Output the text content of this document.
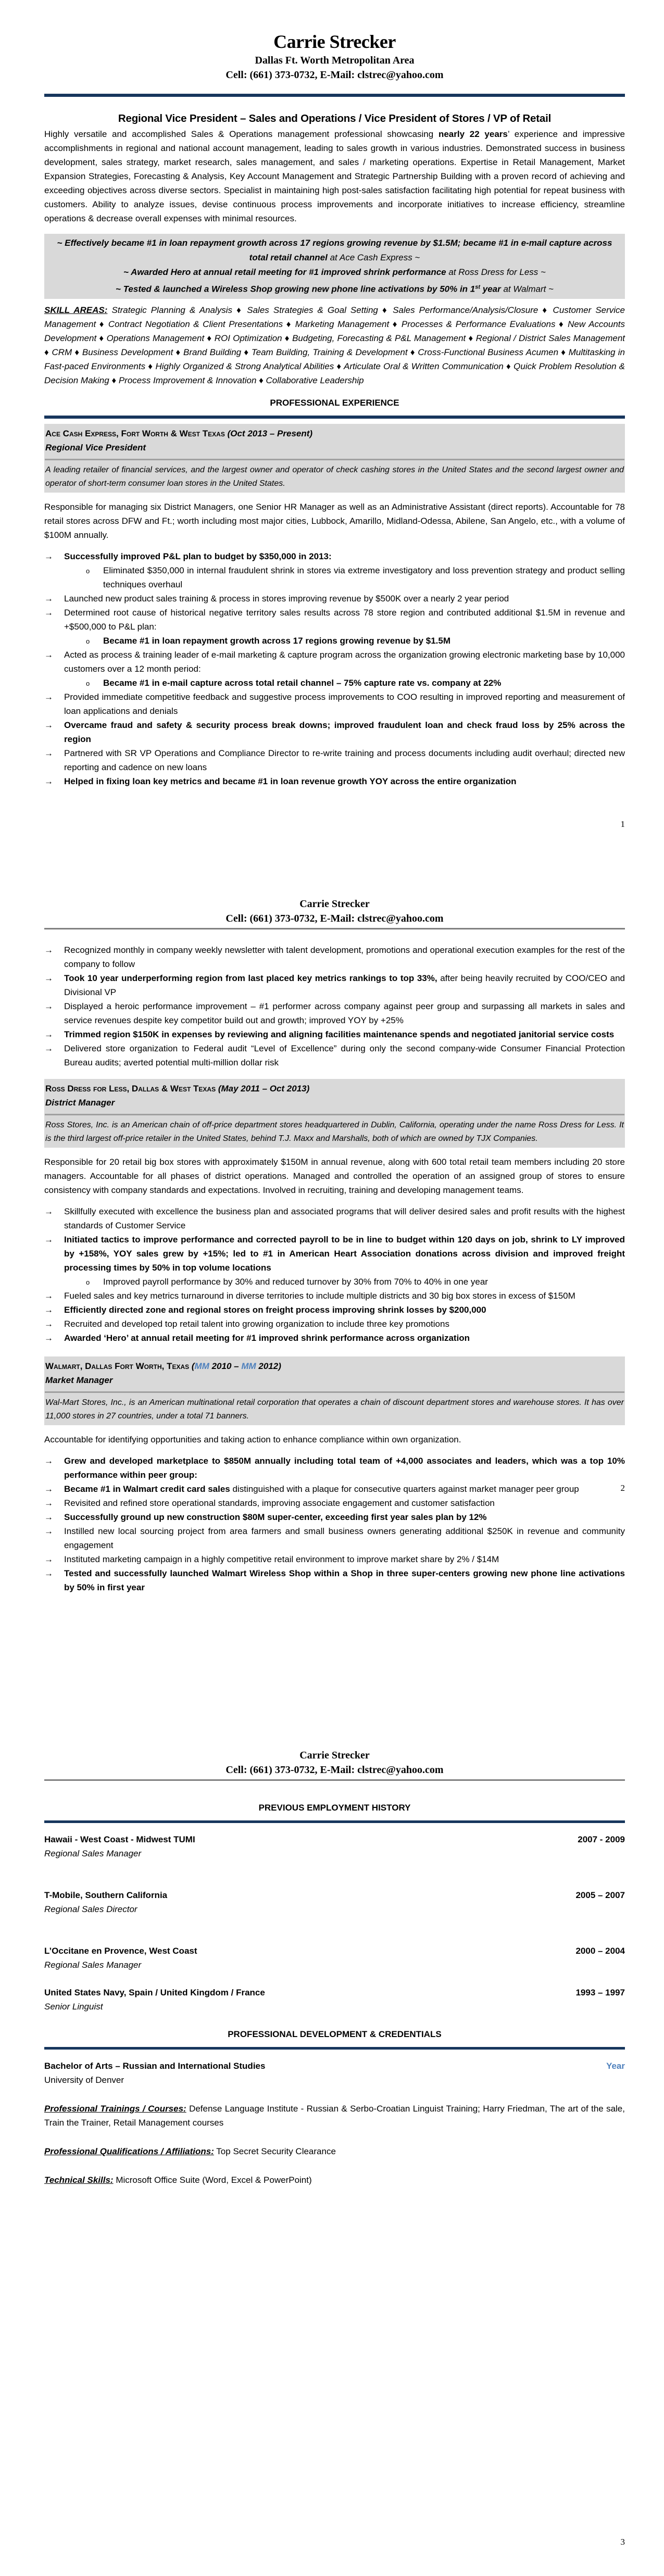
Carrie Strecker
Dallas Ft. Worth Metropolitan Area
Cell: (661) 373-0732, E-Mail: clstrec@yahoo.com
Regional Vice President – Sales and Operations / Vice President of Stores / VP of Retail

Highly versatile and accomplished Sales & Operations management professional showcasing nearly 22 years’ experience and impressive accomplishments in regional and national account management, leading to sales growth in various industries. Demonstrated success in business development, sales strategy, market research, sales management, and sales / marketing operations. Expertise in Retail Management, Market Expansion Strategies, Forecasting & Analysis, Key Account Management and Strategic Partnership Building with a proven record of achieving and exceeding objectives across diverse sectors. Specialist in maintaining high post-sales satisfaction facilitating high potential for repeat business with customers. Ability to analyze issues, devise continuous process improvements and incorporate initiatives to increase efficiency, streamline operations & decrease overall expenses with minimal resources.

~ Effectively became #1 in loan repayment growth across 17 regions growing revenue by $1.5M; became #1 in e-mail capture across total retail channel at Ace Cash Express ~
~ Awarded Hero at annual retail meeting for #1 improved shrink performance at Ross Dress for Less ~
~ Tested & launched a Wireless Shop growing new phone line activations by 50% in 1st year at Walmart ~
SKILL AREAS: Strategic Planning & Analysis ♦ Sales Strategies & Goal Setting ♦ Sales Performance/Analysis/Closure ♦ Customer Service Management ♦ Contract Negotiation & Client Presentations ♦ Marketing Management ♦ Processes & Performance Evaluations ♦ New Accounts Development ♦ Operations Management ♦ ROI Optimization ♦ Budgeting, Forecasting & P&L Management ♦ Regional / District Sales Management ♦ CRM ♦ Business Development ♦ Brand Building ♦ Team Building, Training & Development ♦ Cross-Functional Business Acumen ♦ Multitasking in Fast-paced Environments ♦ Highly Organized & Strong Analytical Abilities ♦ Articulate Oral & Written Communication ♦ Quick Problem Resolution & Decision Making ♦ Process Improvement & Innovation ♦ Collaborative Leadership
PROFESSIONAL EXPERIENCE
Ace Cash Express, Fort Worth & West Texas (Oct 2013 – Present)
Regional Vice President
A leading retailer of financial services, and the largest owner and operator of check cashing stores in the United States and the second largest owner and operator of short-term consumer loan stores in the United States.

Responsible for managing six District Managers, one Senior HR Manager as well as an Administrative Assistant (direct reports). Accountable for 78 retail stores across DFW and Ft.; worth including most major cities, Lubbock, Amarillo, Midland-Odessa, Abilene, San Angelo, etc., with a volume of $100M annually.

→ Successfully improved P&L plan to budget by $350,000 in 2013:
o Eliminated $350,000 in internal fraudulent shrink in stores via extreme investigatory and loss prevention strategy and product selling techniques overhaul
→ Launched new product sales training & process in stores improving revenue by $500K over a nearly 2 year period
→ Determined root cause of historical negative territory sales results across 78 store region and contributed additional $1.5M in revenue and +$500,000 to P&L plan:
o Became #1 in loan repayment growth across 17 regions growing revenue by $1.5M
→ Acted as process & training leader of e-mail marketing & capture program across the organization growing electronic marketing base by 10,000 customers over a 12 month period:
o Became #1 in e-mail capture across total retail channel – 75% capture rate vs. company at 22%
→ Provided immediate competitive feedback and suggestive process improvements to COO resulting in improved reporting and measurement of loan applications and denials
→ Overcame fraud and safety & security process break downs; improved fraudulent loan and check fraud loss by 25% across the region
→ Partnered with SR VP Operations and Compliance Director to re-write training and process documents including audit overhaul; directed new reporting and cadence on new loans
→ Helped in fixing loan key metrics and became #1 in loan revenue growth YOY across the entire organization
1
Carrie Strecker
Cell: (661) 373-0732, E-Mail: clstrec@yahoo.com
→ Recognized monthly in company weekly newsletter with talent development, promotions and operational execution examples for the rest of the company to follow
→ Took 10 year underperforming region from last placed key metrics rankings to top 33%, after being heavily recruited by COO/CEO and Divisional VP
→ Displayed a heroic performance improvement – #1 performer across company against peer group and surpassing all markets in sales and service revenues despite key competitor build out and growth; improved YOY by +25%
→ Trimmed region $150K in expenses by reviewing and aligning facilities maintenance spends and negotiated janitorial service costs
→ Delivered store organization to Federal audit “Level of Excellence” during only the second company-wide Consumer Financial Protection Bureau audits; averted potential multi-million dollar risk
Ross Dress for Less, Dallas & West Texas (May 2011 – Oct 2013)
District Manager
Ross Stores, Inc. is an American chain of off-price department stores headquartered in Dublin, California, operating under the name Ross Dress for Less. It is the third largest off-price retailer in the United States, behind T.J. Maxx and Marshalls, both of which are owned by TJX Companies.

Responsible for 20 retail big box stores with approximately $150M in annual revenue, along with 600 total retail team members including 20 store managers. Accountable for all phases of district operations. Managed and controlled the operation of an assigned group of stores to ensure consistency with company standards and expectations. Involved in recruiting, training and developing management teams.

→ Skillfully executed with excellence the business plan and associated programs that will deliver desired sales and profit results with the highest standards of Customer Service
→ Initiated tactics to improve performance and corrected payroll to be in line to budget within 120 days on job, shrink to LY improved by +158%, YOY sales grew by +15%; led to #1 in American Heart Association donations across division and improved freight processing times by 50% in top volume locations
o Improved payroll performance by 30% and reduced turnover by 30% from 70% to 40% in one year
→ Fueled sales and key metrics turnaround in diverse territories to include multiple districts and 30 big box stores in excess of $150M
→ Efficiently directed zone and regional stores on freight process improving shrink losses by $200,000
→ Recruited and developed top retail talent into growing organization to include three key promotions
→ Awarded ‘Hero’ at annual retail meeting for #1 improved shrink performance across organization
Walmart, Dallas Fort Worth, Texas (MM 2010 – MM 2012)
Market Manager
Wal-Mart Stores, Inc., is an American multinational retail corporation that operates a chain of discount department stores and warehouse stores. It has over 11,000 stores in 27 countries, under a total 71 banners.

Accountable for identifying opportunities and taking action to enhance compliance within own organization.

→ Grew and developed marketplace to $850M annually including total team of +4,000 associates and leaders, which was a top 10% performance within peer group:
→ Became #1 in Walmart credit card sales distinguished with a plaque for consecutive quarters against market manager peer group
→ Revisited and refined store operational standards, improving associate engagement and customer satisfaction
→ Successfully ground up new construction $80M super-center, exceeding first year sales plan by 12%
→ Instilled new local sourcing project from area farmers and small business owners generating additional $250K in revenue and community engagement
→ Instituted marketing campaign in a highly competitive retail environment to improve market share by 2% / $14M
→ Tested and successfully launched Walmart Wireless Shop within a Shop in three super-centers growing new phone line activations by 50% in first year
2
Carrie Strecker
Cell: (661) 373-0732, E-Mail: clstrec@yahoo.com
PREVIOUS EMPLOYMENT HISTORY
Hawaii - West Coast - Midwest TUMI	2007 - 2009
Regional Sales Manager
T-Mobile, Southern California	2005 – 2007
Regional Sales Director
L’Occitane en Provence, West Coast	2000 – 2004
Regional Sales Manager
United States Navy, Spain / United Kingdom / France	1993 – 1997
Senior Linguist
PROFESSIONAL DEVELOPMENT & CREDENTIALS
Bachelor of Arts – Russian and International Studies	Year
University of Denver
Professional Trainings / Courses: Defense Language Institute - Russian & Serbo-Croatian Linguist Training; Harry Friedman, The art of the sale, Train the Trainer, Retail Management courses
Professional Qualifications / Affiliations: Top Secret Security Clearance
Technical Skills: Microsoft Office Suite (Word, Excel & PowerPoint)
3
